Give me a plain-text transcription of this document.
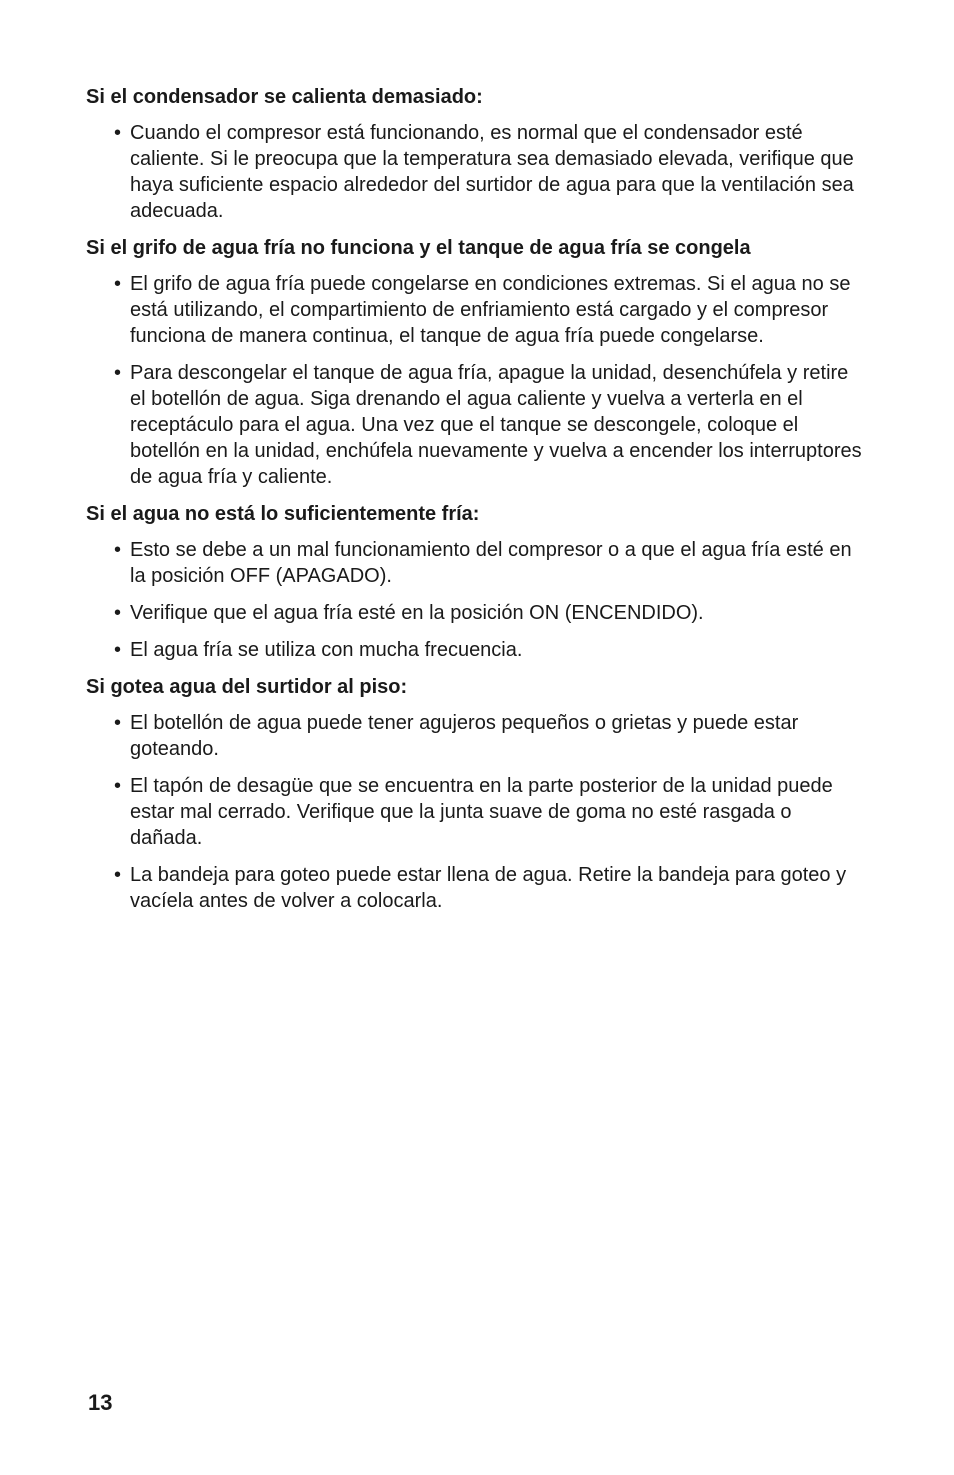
Si el condensador se calienta demasiado:
• Cuando el compresor está funcionando, es normal que el condensador esté caliente. Si le preocupa que la temperatura sea demasiado elevada, verifique que haya suficiente espacio alrededor del surtidor de agua para que la ventilación sea adecuada.
Si el grifo de agua fría no funciona y el tanque de agua fría se congela
• El grifo de agua fría puede congelarse en condiciones extremas. Si el agua no se está utilizando, el compartimiento de enfriamiento está cargado y el compresor funciona de manera continua, el tanque de agua fría puede congelarse.
• Para descongelar el tanque de agua fría, apague la unidad, desenchúfela y retire el botellón de agua. Siga drenando el agua caliente y vuelva a verterla en el receptáculo para el agua. Una vez que el tanque se descongele, coloque el botellón en la unidad, enchúfela nuevamente y vuelva a encender los interruptores de agua fría y caliente.
Si el agua no está lo suficientemente fría:
• Esto se debe a un mal funcionamiento del compresor o a que el agua fría esté en la posición OFF (APAGADO).
• Verifique que el agua fría esté en la posición ON (ENCENDIDO).
• El agua fría se utiliza con mucha frecuencia.
Si gotea agua del surtidor al piso:
• El botellón de agua puede tener agujeros pequeños o grietas y puede estar goteando.
• El tapón de desagüe que se encuentra en la parte posterior de la unidad puede estar mal cerrado. Verifique que la junta suave de goma no esté rasgada o dañada.
• La bandeja para goteo puede estar llena de agua. Retire la bandeja para goteo y vacíela antes de volver a colocarla.
13
